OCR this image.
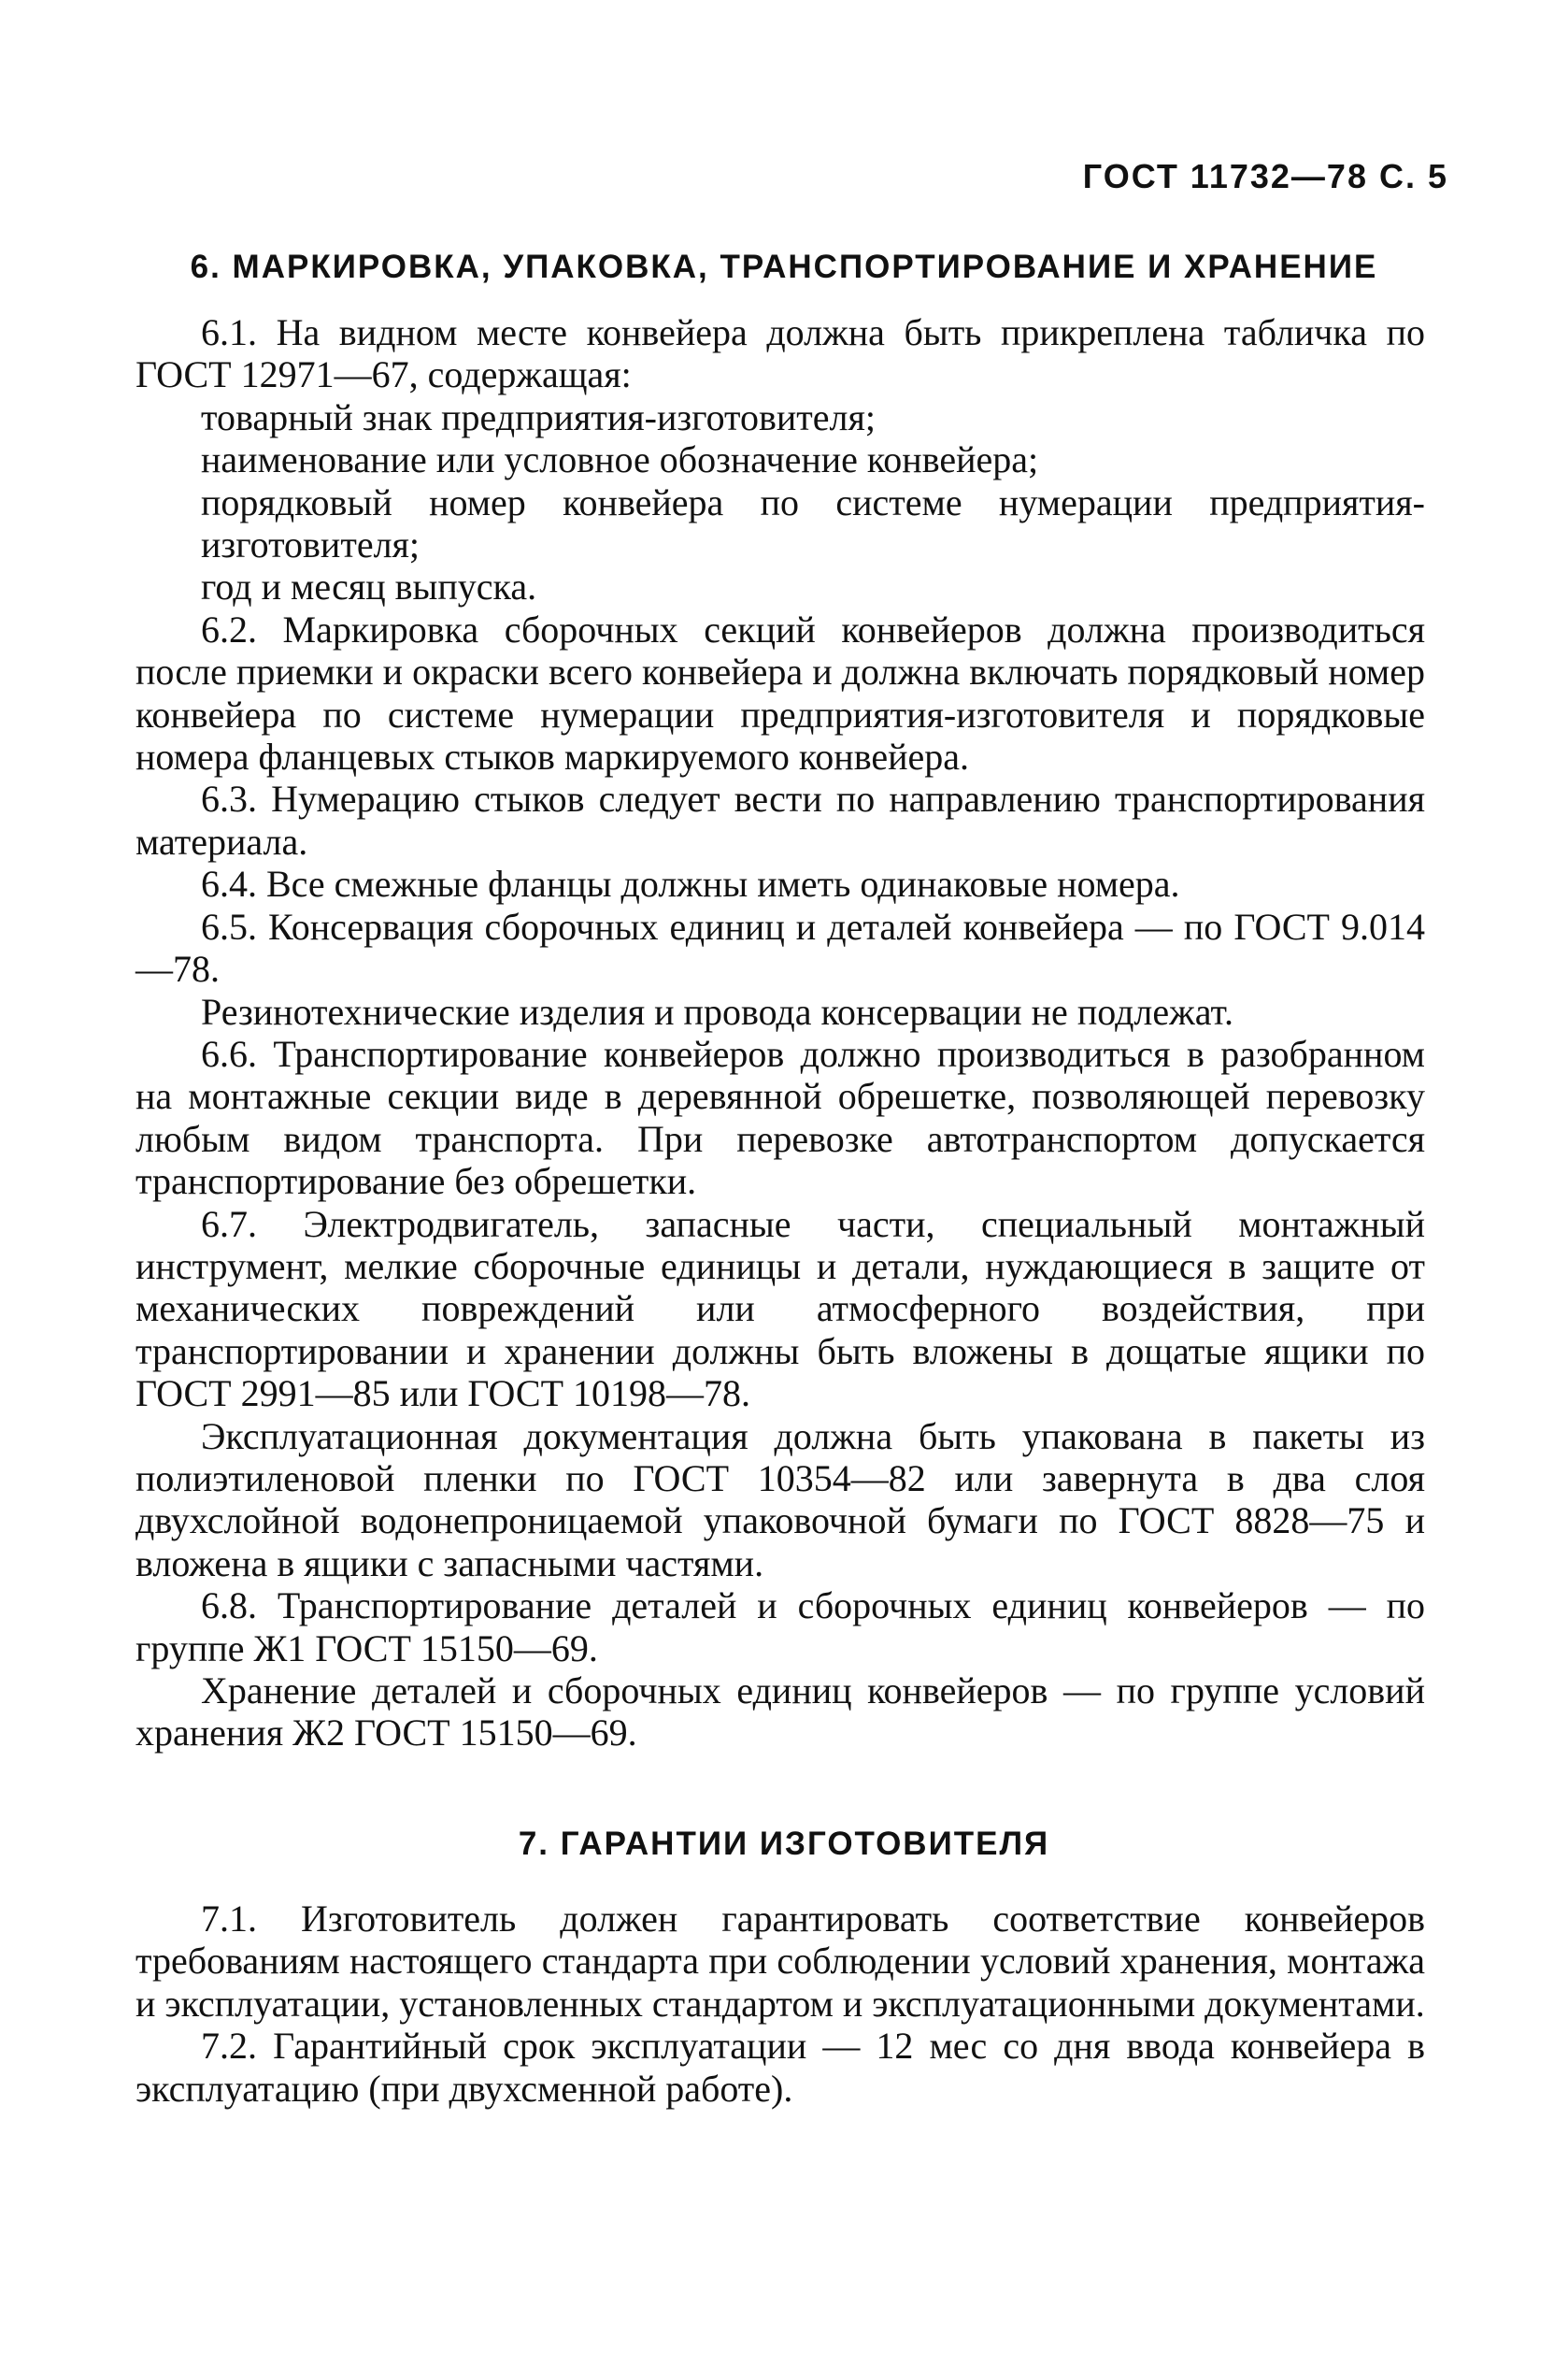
ГОСТ 11732—78 С. 5
6. МАРКИРОВКА, УПАКОВКА, ТРАНСПОРТИРОВАНИЕ И ХРАНЕНИЕ

6.1. На видном месте конвейера должна быть прикреплена табличка по ГОСТ 12971—67, содержащая:

товарный знак предприятия-изготовителя;

наименование или условное обозначение конвейера;

порядковый номер конвейера по системе нумерации предприятия-изготовителя;

год и месяц выпуска.

6.2. Маркировка сборочных секций конвейеров должна производиться после приемки и окраски всего конвейера и должна включать порядковый номер конвейера по системе нумерации предприятия-изготовителя и порядковые номера фланцевых стыков маркируемого конвейера.

6.3. Нумерацию стыков следует вести по направлению транспортирования материала.

6.4. Все смежные фланцы должны иметь одинаковые номера.

6.5. Консервация сборочных единиц и деталей конвейера — по ГОСТ 9.014—78.

Резинотехнические изделия и провода консервации не подлежат.

6.6. Транспортирование конвейеров должно производиться в разобранном на монтажные секции виде в деревянной обрешетке, позволяющей перевозку любым видом транспорта. При перевозке автотранспортом допускается транспортирование без обрешетки.

6.7. Электродвигатель, запасные части, специальный монтажный инструмент, мелкие сборочные единицы и детали, нуждающиеся в защите от механических повреждений или атмосферного воздействия, при транспортировании и хранении должны быть вложены в дощатые ящики по ГОСТ 2991—85 или ГОСТ 10198—78.

Эксплуатационная документация должна быть упакована в пакеты из полиэтиленовой пленки по ГОСТ 10354—82 или завернута в два слоя двухслойной водонепроницаемой упаковочной бумаги по ГОСТ 8828—75 и вложена в ящики с запасными частями.

6.8. Транспортирование деталей и сборочных единиц конвейеров — по группе Ж1 ГОСТ 15150—69.

Хранение деталей и сборочных единиц конвейеров — по группе условий хранения Ж2 ГОСТ 15150—69.

7. ГАРАНТИИ ИЗГОТОВИТЕЛЯ

7.1. Изготовитель должен гарантировать соответствие конвейеров требованиям настоящего стандарта при соблюдении условий хранения, монтажа и эксплуатации, установленных стандартом и эксплуатационными документами.

7.2. Гарантийный срок эксплуатации — 12 мес со дня ввода конвейера в эксплуатацию (при двухсменной работе).
